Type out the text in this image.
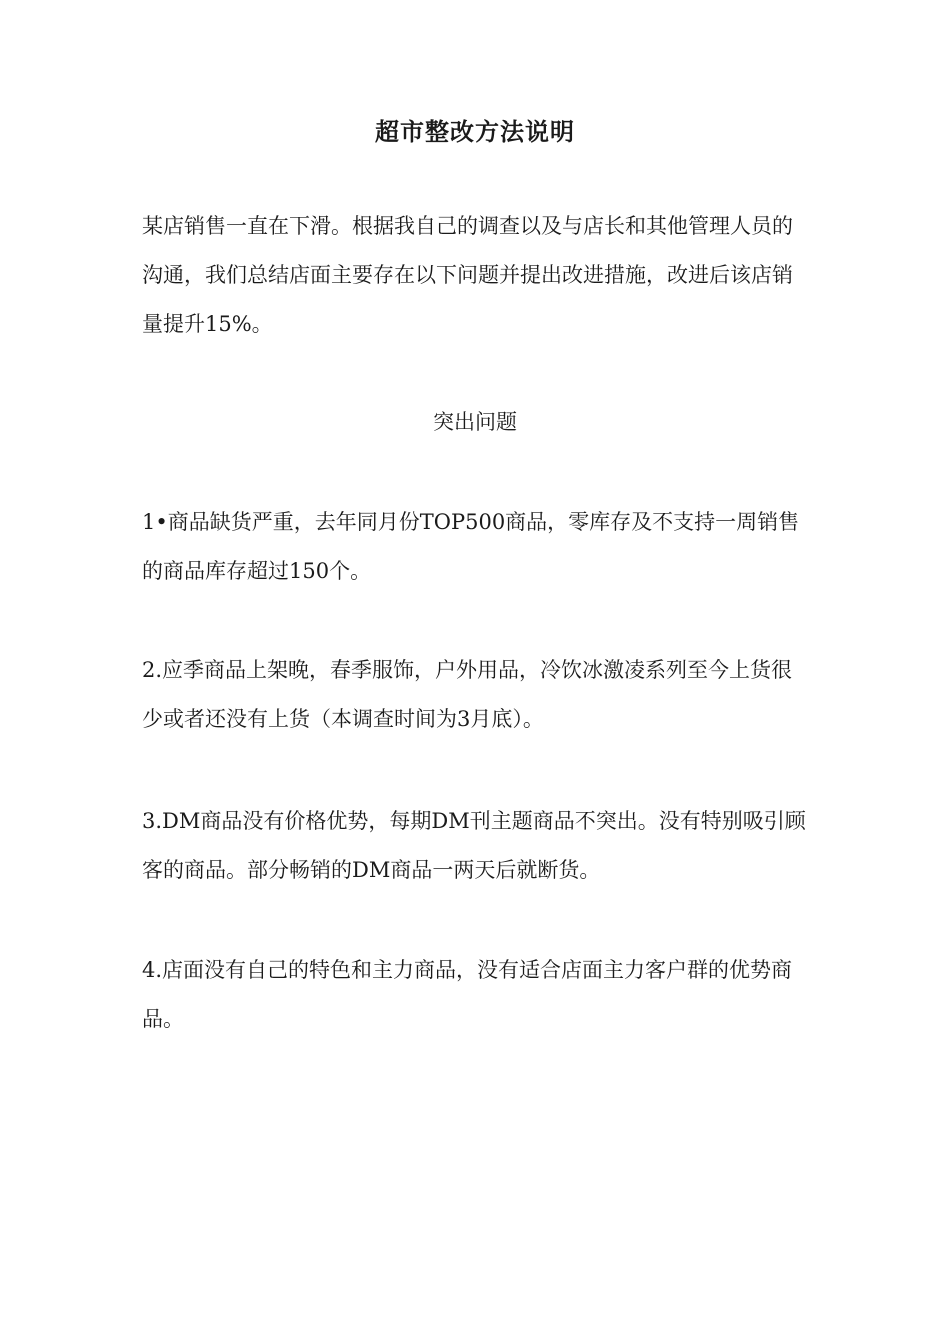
超市整改方法说明

某店销售一直在下滑。根据我自己的调查以及与店长和其他管理人员的沟通，我们总结店面主要存在以下问题并提出改进措施，改进后该店销量提升15%。

突出问题

1•商品缺货严重，去年同月份TOP500商品，零库存及不支持一周销售的商品库存超过150个。

2.应季商品上架晚，春季服饰，户外用品，冷饮冰激凌系列至今上货很少或者还没有上货（本调查时间为3月底）。

3.DM商品没有价格优势，每期DM刊主题商品不突出。没有特别吸引顾客的商品。部分畅销的DM商品一两天后就断货。

4.店面没有自己的特色和主力商品，没有适合店面主力客户群的优势商品。
